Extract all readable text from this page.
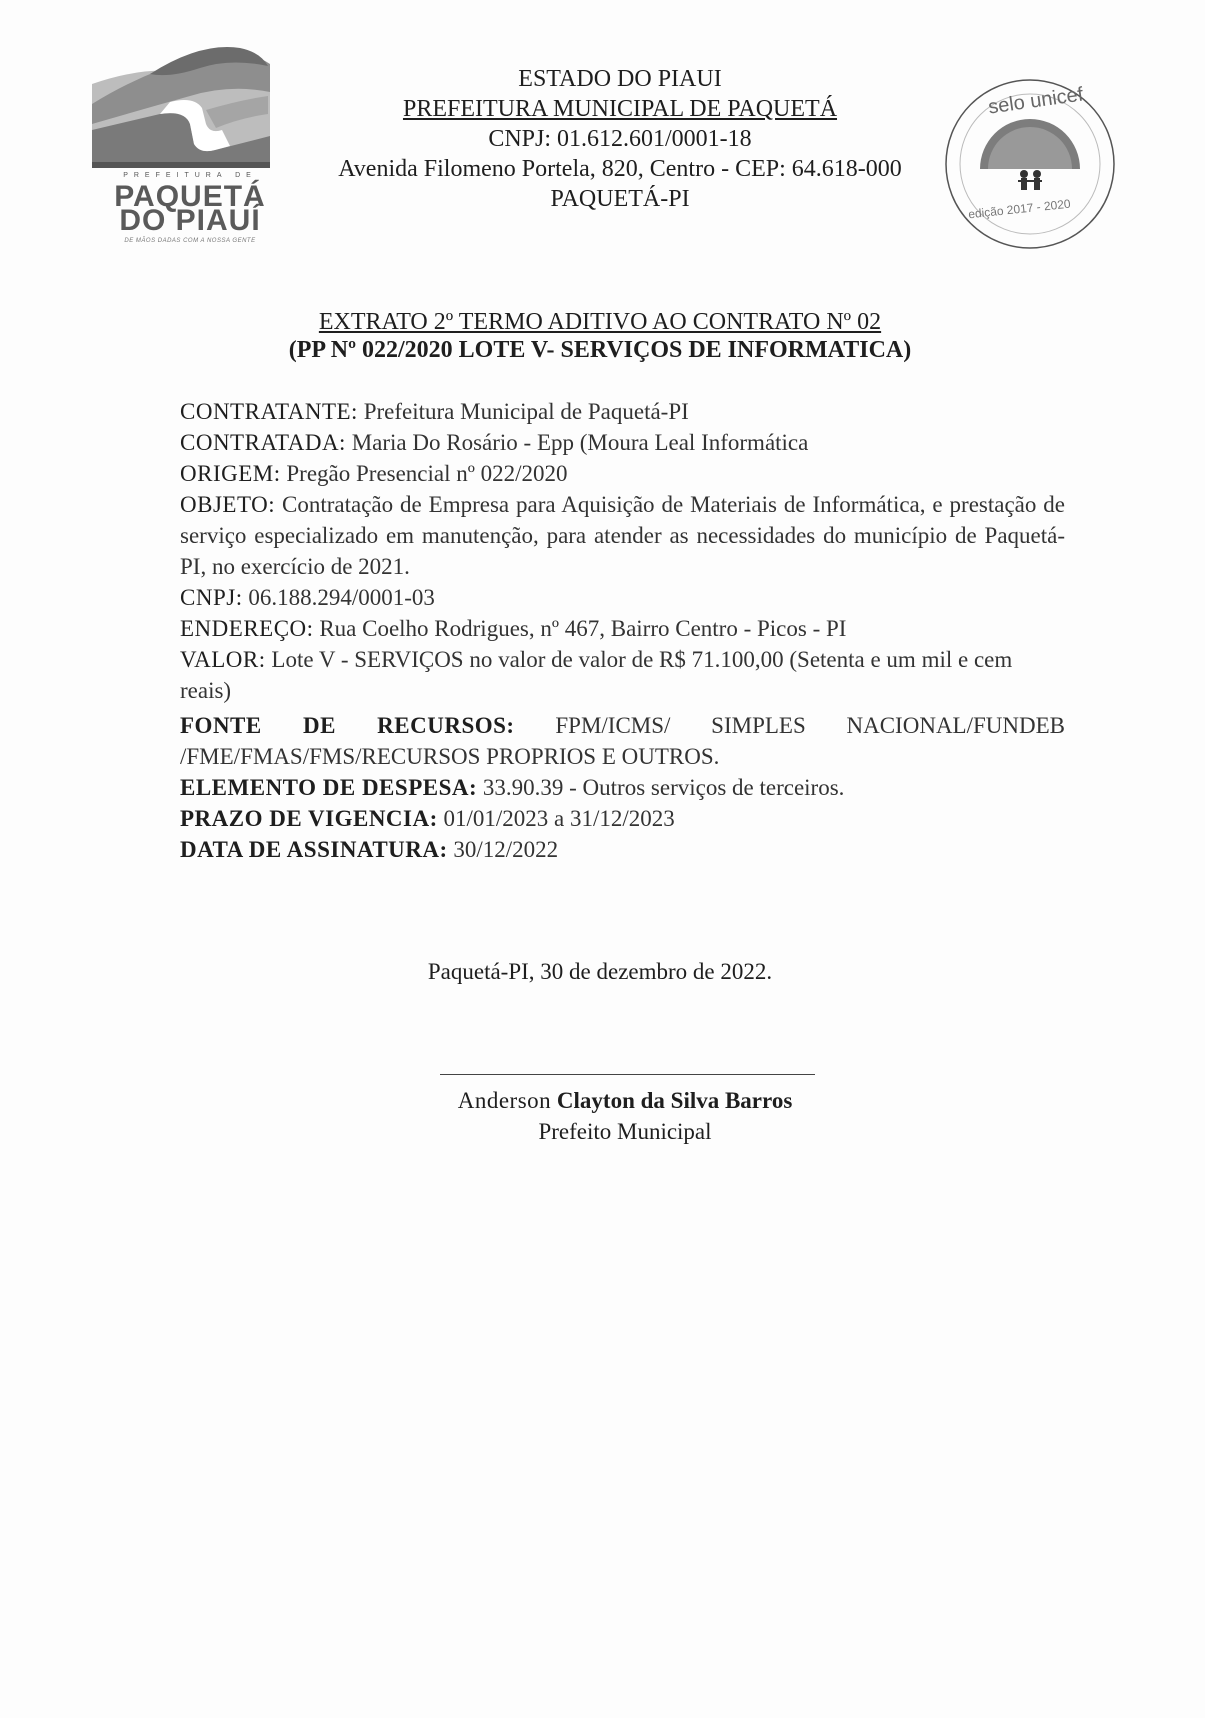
PREFEITURA DE
PAQUETÁ
DO PIAUÍ
DE MÃOS DADAS COM A NOSSA GENTE
ESTADO DO PIAUI
PREFEITURA MUNICIPAL DE PAQUETÁ
CNPJ: 01.612.601/0001-18
Avenida Filomeno Portela, 820, Centro - CEP: 64.618-000
PAQUETÁ-PI
selo unicef
edição 2017 - 2020
EXTRATO 2º TERMO ADITIVO AO CONTRATO Nº 02
(PP Nº 022/2020 LOTE V- SERVIÇOS DE INFORMATICA)

CONTRATANTE: Prefeitura Municipal de Paquetá-PI

CONTRATADA: Maria Do Rosário - Epp (Moura Leal Informática

ORIGEM: Pregão Presencial nº 022/2020

OBJETO: Contratação de Empresa para Aquisição de Materiais de Informática, e prestação de serviço especializado em manutenção, para atender as necessidades do município de Paquetá-PI, no exercício de 2021.

CNPJ: 06.188.294/0001-03

ENDEREÇO: Rua Coelho Rodrigues, nº 467, Bairro Centro - Picos - PI

VALOR: Lote V - SERVIÇOS no valor de valor de R$ 71.100,00 (Setenta e um mil e cem reais)

FONTE DE RECURSOS: FPM/ICMS/ SIMPLES NACIONAL/FUNDEB /FME/FMAS/FMS/RECURSOS PROPRIOS E OUTROS.

ELEMENTO DE DESPESA: 33.90.39 - Outros serviços de terceiros.

PRAZO DE VIGENCIA: 01/01/2023 a 31/12/2023

DATA DE ASSINATURA: 30/12/2022

Paquetá-PI, 30 de dezembro de 2022.
Anderson Clayton da Silva Barros
Prefeito Municipal
